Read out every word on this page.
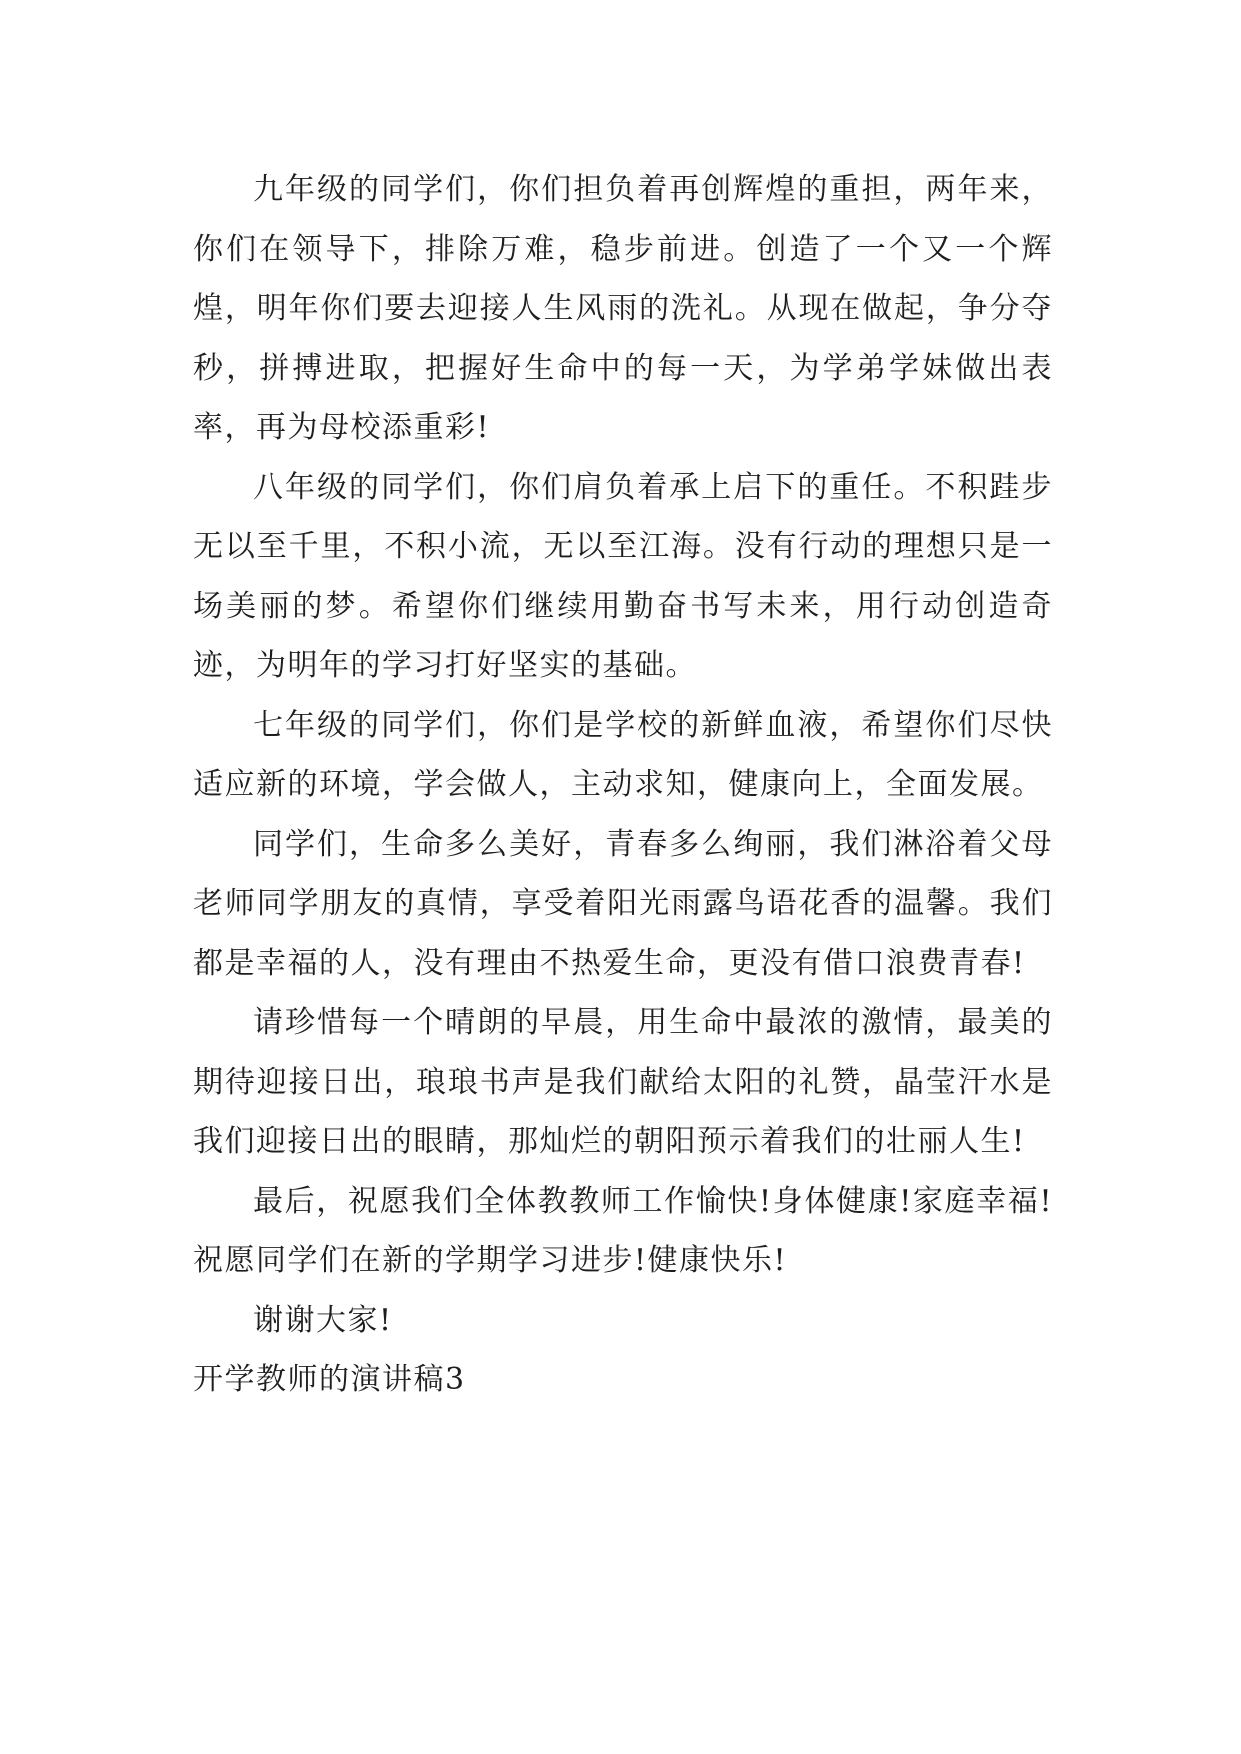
九年级的同学们，你们担负着再创辉煌的重担，两年来，你们在领导下，排除万难，稳步前进。创造了一个又一个辉煌，明年你们要去迎接人生风雨的洗礼。从现在做起，争分夺秒，拼搏进取，把握好生命中的每一天，为学弟学妹做出表率，再为母校添重彩!

八年级的同学们，你们肩负着承上启下的重任。不积跬步无以至千里，不积小流，无以至江海。没有行动的理想只是一场美丽的梦。希望你们继续用勤奋书写未来，用行动创造奇迹，为明年的学习打好坚实的基础。

七年级的同学们，你们是学校的新鲜血液，希望你们尽快适应新的环境，学会做人，主动求知，健康向上，全面发展。

同学们，生命多么美好，青春多么绚丽，我们淋浴着父母老师同学朋友的真情，享受着阳光雨露鸟语花香的温馨。我们都是幸福的人，没有理由不热爱生命，更没有借口浪费青春!

请珍惜每一个晴朗的早晨，用生命中最浓的激情，最美的期待迎接日出，琅琅书声是我们献给太阳的礼赞，晶莹汗水是我们迎接日出的眼睛，那灿烂的朝阳预示着我们的壮丽人生!

最后，祝愿我们全体教教师工作愉快!身体健康!家庭幸福!祝愿同学们在新的学期学习进步!健康快乐!

谢谢大家!

开学教师的演讲稿3
